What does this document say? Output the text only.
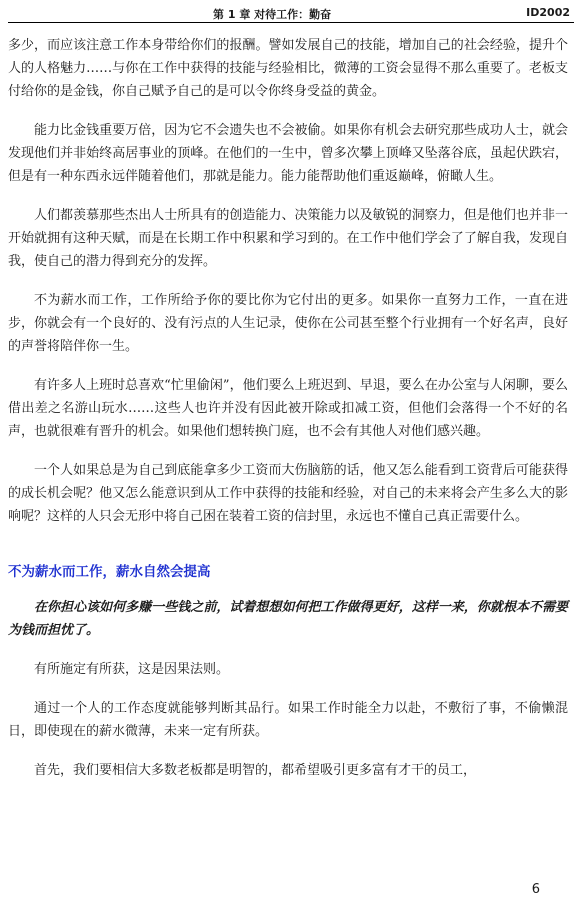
第 1 章 对待工作：勤奋	ID2002

多少，而应该注意工作本身带给你们的报酬。譬如发展自己的技能，增加自己的社会经验，提升个人的人格魅力……与你在工作中获得的技能与经验相比，微薄的工资会显得不那么重要了。老板支付给你的是金钱，你自己赋予自己的是可以令你终身受益的黄金。

能力比金钱重要万倍，因为它不会遗失也不会被偷。如果你有机会去研究那些成功人士，就会发现他们并非始终高居事业的顶峰。在他们的一生中，曾多次攀上顶峰又坠落谷底，虽起伏跌宕，但是有一种东西永远伴随着他们，那就是能力。能力能帮助他们重返巅峰，俯瞰人生。

人们都羡慕那些杰出人士所具有的创造能力、决策能力以及敏锐的洞察力，但是他们也并非一开始就拥有这种天赋，而是在长期工作中积累和学习到的。在工作中他们学会了了解自我，发现自我，使自己的潜力得到充分的发挥。

不为薪水而工作，工作所给予你的要比你为它付出的更多。如果你一直努力工作，一直在进步，你就会有一个良好的、没有污点的人生记录，使你在公司甚至整个行业拥有一个好名声，良好的声誉将陪伴你一生。

有许多人上班时总喜欢“忙里偷闲”，他们要么上班迟到、早退，要么在办公室与人闲聊，要么借出差之名游山玩水……这些人也许并没有因此被开除或扣减工资，但他们会落得一个不好的名声，也就很难有晋升的机会。如果他们想转换门庭，也不会有其他人对他们感兴趣。

一个人如果总是为自己到底能拿多少工资而大伤脑筋的话，他又怎么能看到工资背后可能获得的成长机会呢？他又怎么能意识到从工作中获得的技能和经验，对自己的未来将会产生多么大的影响呢？这样的人只会无形中将自己困在装着工资的信封里，永远也不懂自己真正需要什么。

不为薪水而工作，薪水自然会提高

在你担心该如何多赚一些钱之前，试着想想如何把工作做得更好，这样一来，你就根本不需要为钱而担忧了。

有所施定有所获，这是因果法则。

通过一个人的工作态度就能够判断其品行。如果工作时能全力以赴，不敷衍了事，不偷懒混日，即使现在的薪水微薄，未来一定有所获。

首先，我们要相信大多数老板都是明智的，都希望吸引更多富有才干的员工，

6
